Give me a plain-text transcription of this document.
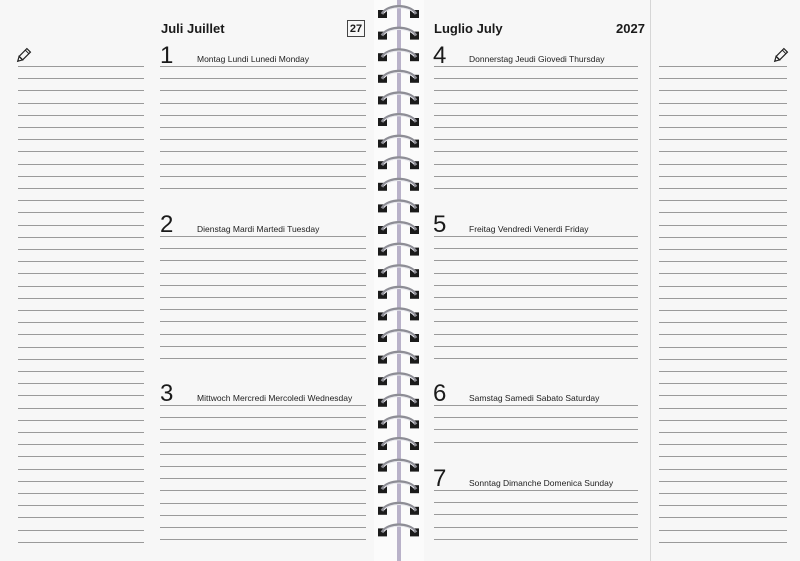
Juli Juillet	27	Luglio July	2027
1	Montag Lundi Lunedi Monday
2	Dienstag Mardi Martedi Tuesday
3	Mittwoch Mercredi Mercoledi Wednesday
4	Donnerstag Jeudi Giovedi Thursday
5	Freitag Vendredi Venerdi Friday
6	Samstag Samedi Sabato Saturday
7	Sonntag Dimanche Domenica Sunday
